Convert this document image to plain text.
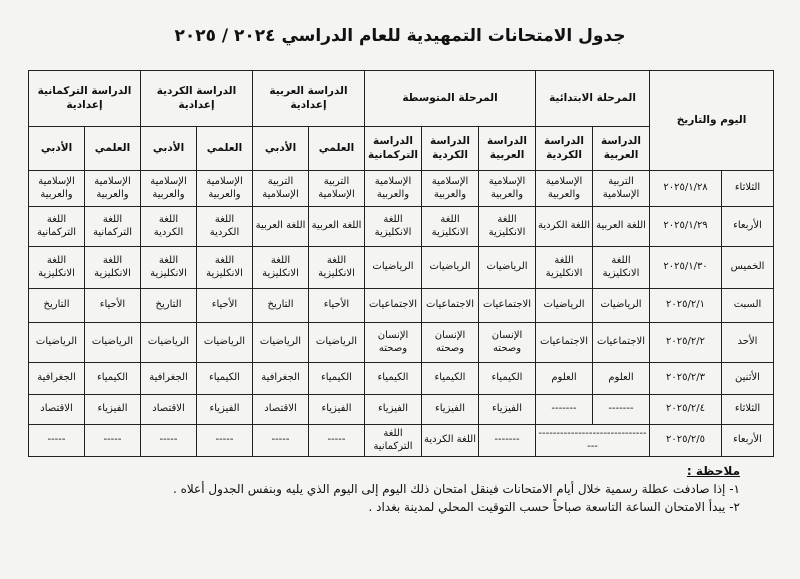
جدول الامتحانات التمهيدية للعام الدراسي ٢٠٢٤ / ٢٠٢٥
اليوم والتاريخ		المرحلة الابتدائية		المرحلة المتوسطة			الدراسة العربية إعدادية		الدراسة الكردية إعدادية		الدراسة التركمانية إعدادية	
		الدراسة العربية	الدراسة الكردية	الدراسة العربية	الدراسة الكردية	الدراسة التركمانية	العلمي	الأدبي	العلمي	الأدبي	العلمي	الأدبي
الثلاثاء	٢٠٢٥/١/٢٨	التربية الإسلامية	الإسلامية والعربية	الإسلامية والعربية	الإسلامية والعربية	الإسلامية والعربية	التربية الإسلامية	التربية الإسلامية	الإسلامية والعربية	الإسلامية والعربية	الإسلامية والعربية	الإسلامية والعربية
الأربعاء	٢٠٢٥/١/٢٩	اللغة العربية	اللغة الكردية	اللغة الانكليزية	اللغة الانكليزية	اللغة الانكليزية	اللغة العربية	اللغة العربية	اللغة الكردية	اللغة الكردية	اللغة التركمانية	اللغة التركمانية
الخميس	٢٠٢٥/١/٣٠	اللغة الانكليزية	اللغة الانكليزية	الرياضيات	الرياضيات	الرياضيات	اللغة الانكليزية	اللغة الانكليزية	اللغة الانكليزية	اللغة الانكليزية	اللغة الانكليزية	اللغة الانكليزية
السبت	٢٠٢٥/٢/١	الرياضيات	الرياضيات	الاجتماعيات	الاجتماعيات	الاجتماعيات	الأحياء	التاريخ	الأحياء	التاريخ	الأحياء	التاريخ
الأحد	٢٠٢٥/٢/٢	الاجتماعيات	الاجتماعيات	الإنسان وصحته	الإنسان وصحته	الإنسان وصحته	الرياضيات	الرياضيات	الرياضيات	الرياضيات	الرياضيات	الرياضيات
الأثنين	٢٠٢٥/٢/٣	العلوم	العلوم	الكيمياء	الكيمياء	الكيمياء	الكيمياء	الجغرافية	الكيمياء	الجغرافية	الكيمياء	الجغرافية
الثلاثاء	٢٠٢٥/٢/٤	-------	-------	الفيزياء	الفيزياء	الفيزياء	الفيزياء	الاقتصاد	الفيزياء	الاقتصاد	الفيزياء	الاقتصاد
الأربعاء	٢٠٢٥/٢/٥	---------------------------------		-------	اللغة الكردية	اللغة التركمانية	-----	-----	-----	-----	-----	-----
ملاحظة :
١- إذا صادفت عطلة رسمية خلال أيام الامتحانات فينقل امتحان ذلك اليوم إلى اليوم الذي يليه وبنفس الجدول أعلاه .
٢- يبدأ الامتحان الساعة التاسعة صباحاً حسب التوقيت المحلي لمدينة بغداد .
